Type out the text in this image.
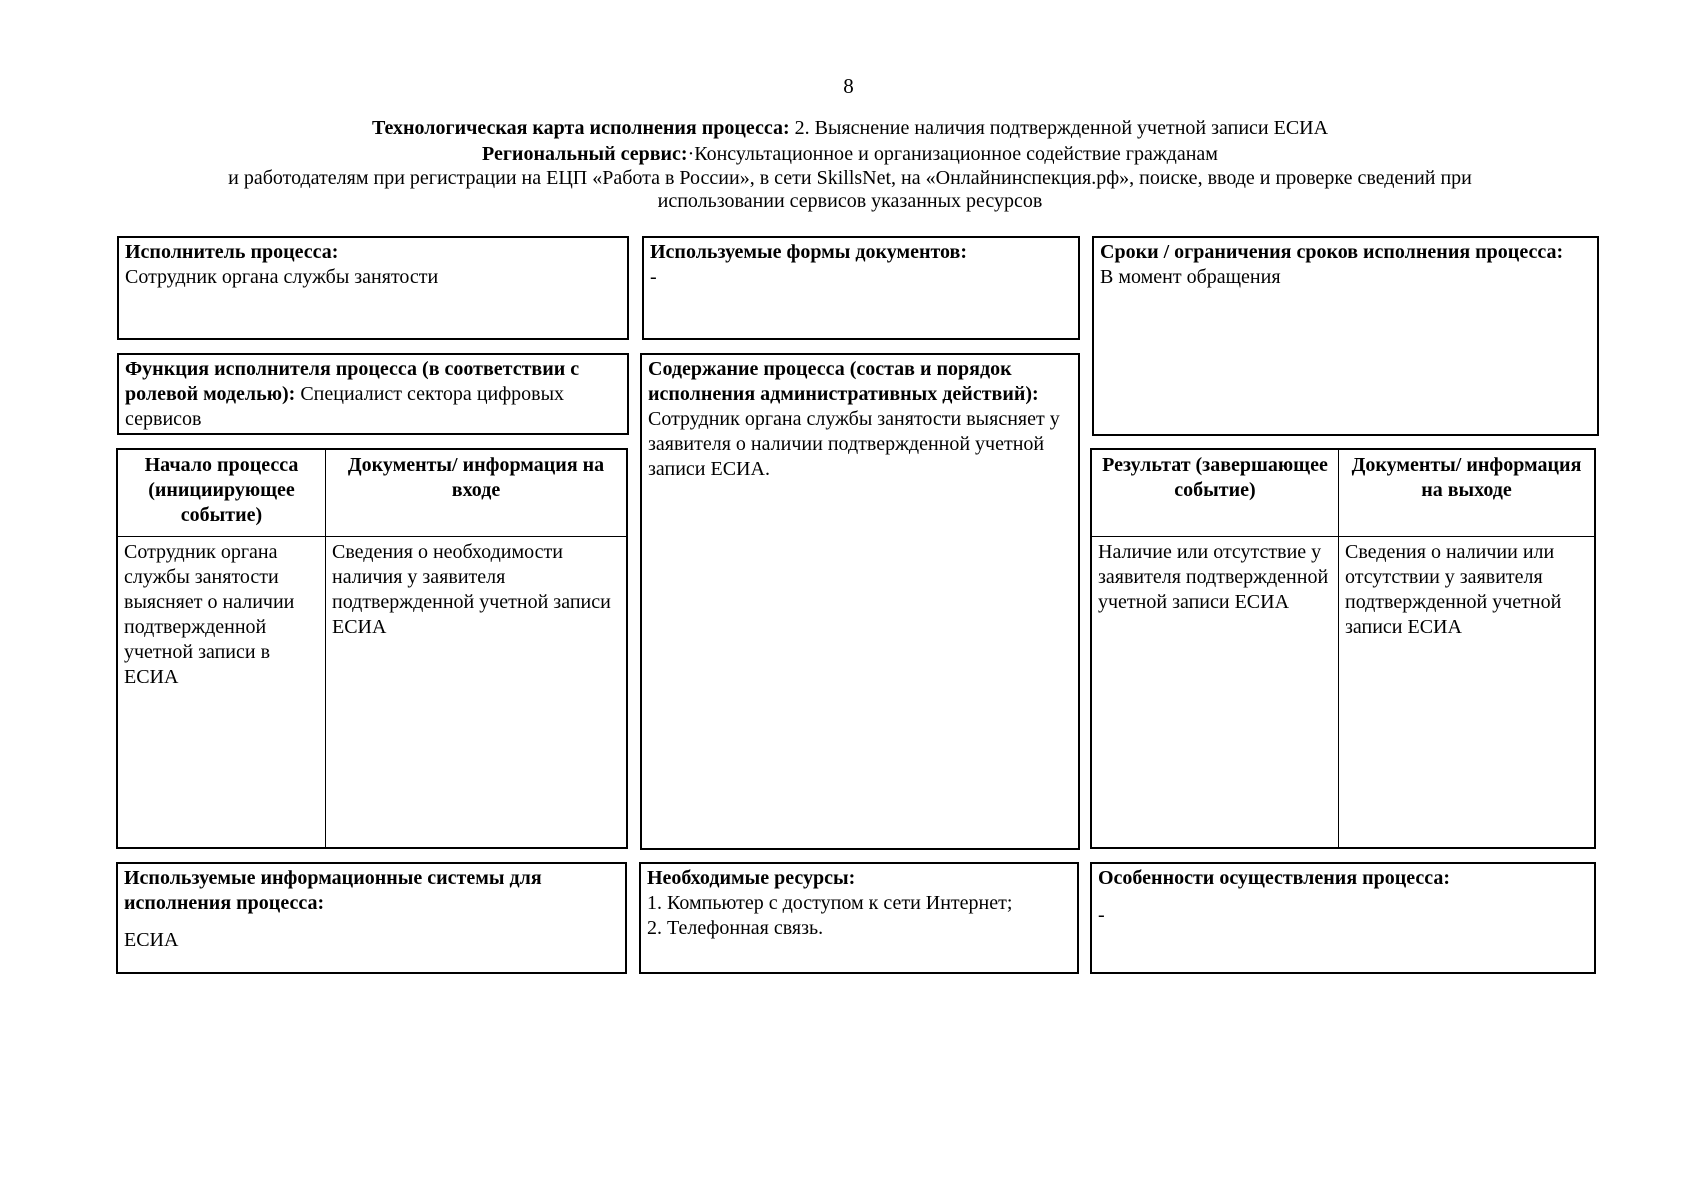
8
Технологическая карта исполнения процесса: 2. Выяснение наличия подтвержденной учетной записи ЕСИА
Региональный сервис:·Консультационное и организационное содействие гражданам
и работодателям при регистрации на ЕЦП «Работа в России», в сети SkillsNet, на «Онлайнинспекция.рф», поиске, вводе и проверке сведений при
использовании сервисов указанных ресурсов
Исполнитель процесса:
Сотрудник органа службы занятости
Используемые формы документов:
-
Сроки / ограничения сроков исполнения процесса:
В момент обращения
Функция исполнителя процесса (в соответствии с ролевой моделью): Специалист сектора цифровых сервисов
Содержание процесса (состав и порядок исполнения административных действий):
Сотрудник органа службы занятости выясняет у заявителя о наличии подтвержденной учетной записи ЕСИА.
Начало процесса (инициирующее событие)
Документы/ информация на входе
Сотрудник органа службы занятости выясняет о наличии подтвержденной учетной записи в ЕСИА
Сведения о необходимости наличия у заявителя подтвержденной учетной записи ЕСИА
Результат (завершающее событие)
Документы/ информация на выходе
Наличие или отсутствие у заявителя подтвержденной учетной записи ЕСИА
Сведения о наличии или отсутствии у заявителя подтвержденной учетной записи ЕСИА
Используемые информационные системы для исполнения процесса:
ЕСИА
Необходимые ресурсы:
1. Компьютер с доступом к сети Интернет;
2. Телефонная связь.
Особенности осуществления процесса:
-
